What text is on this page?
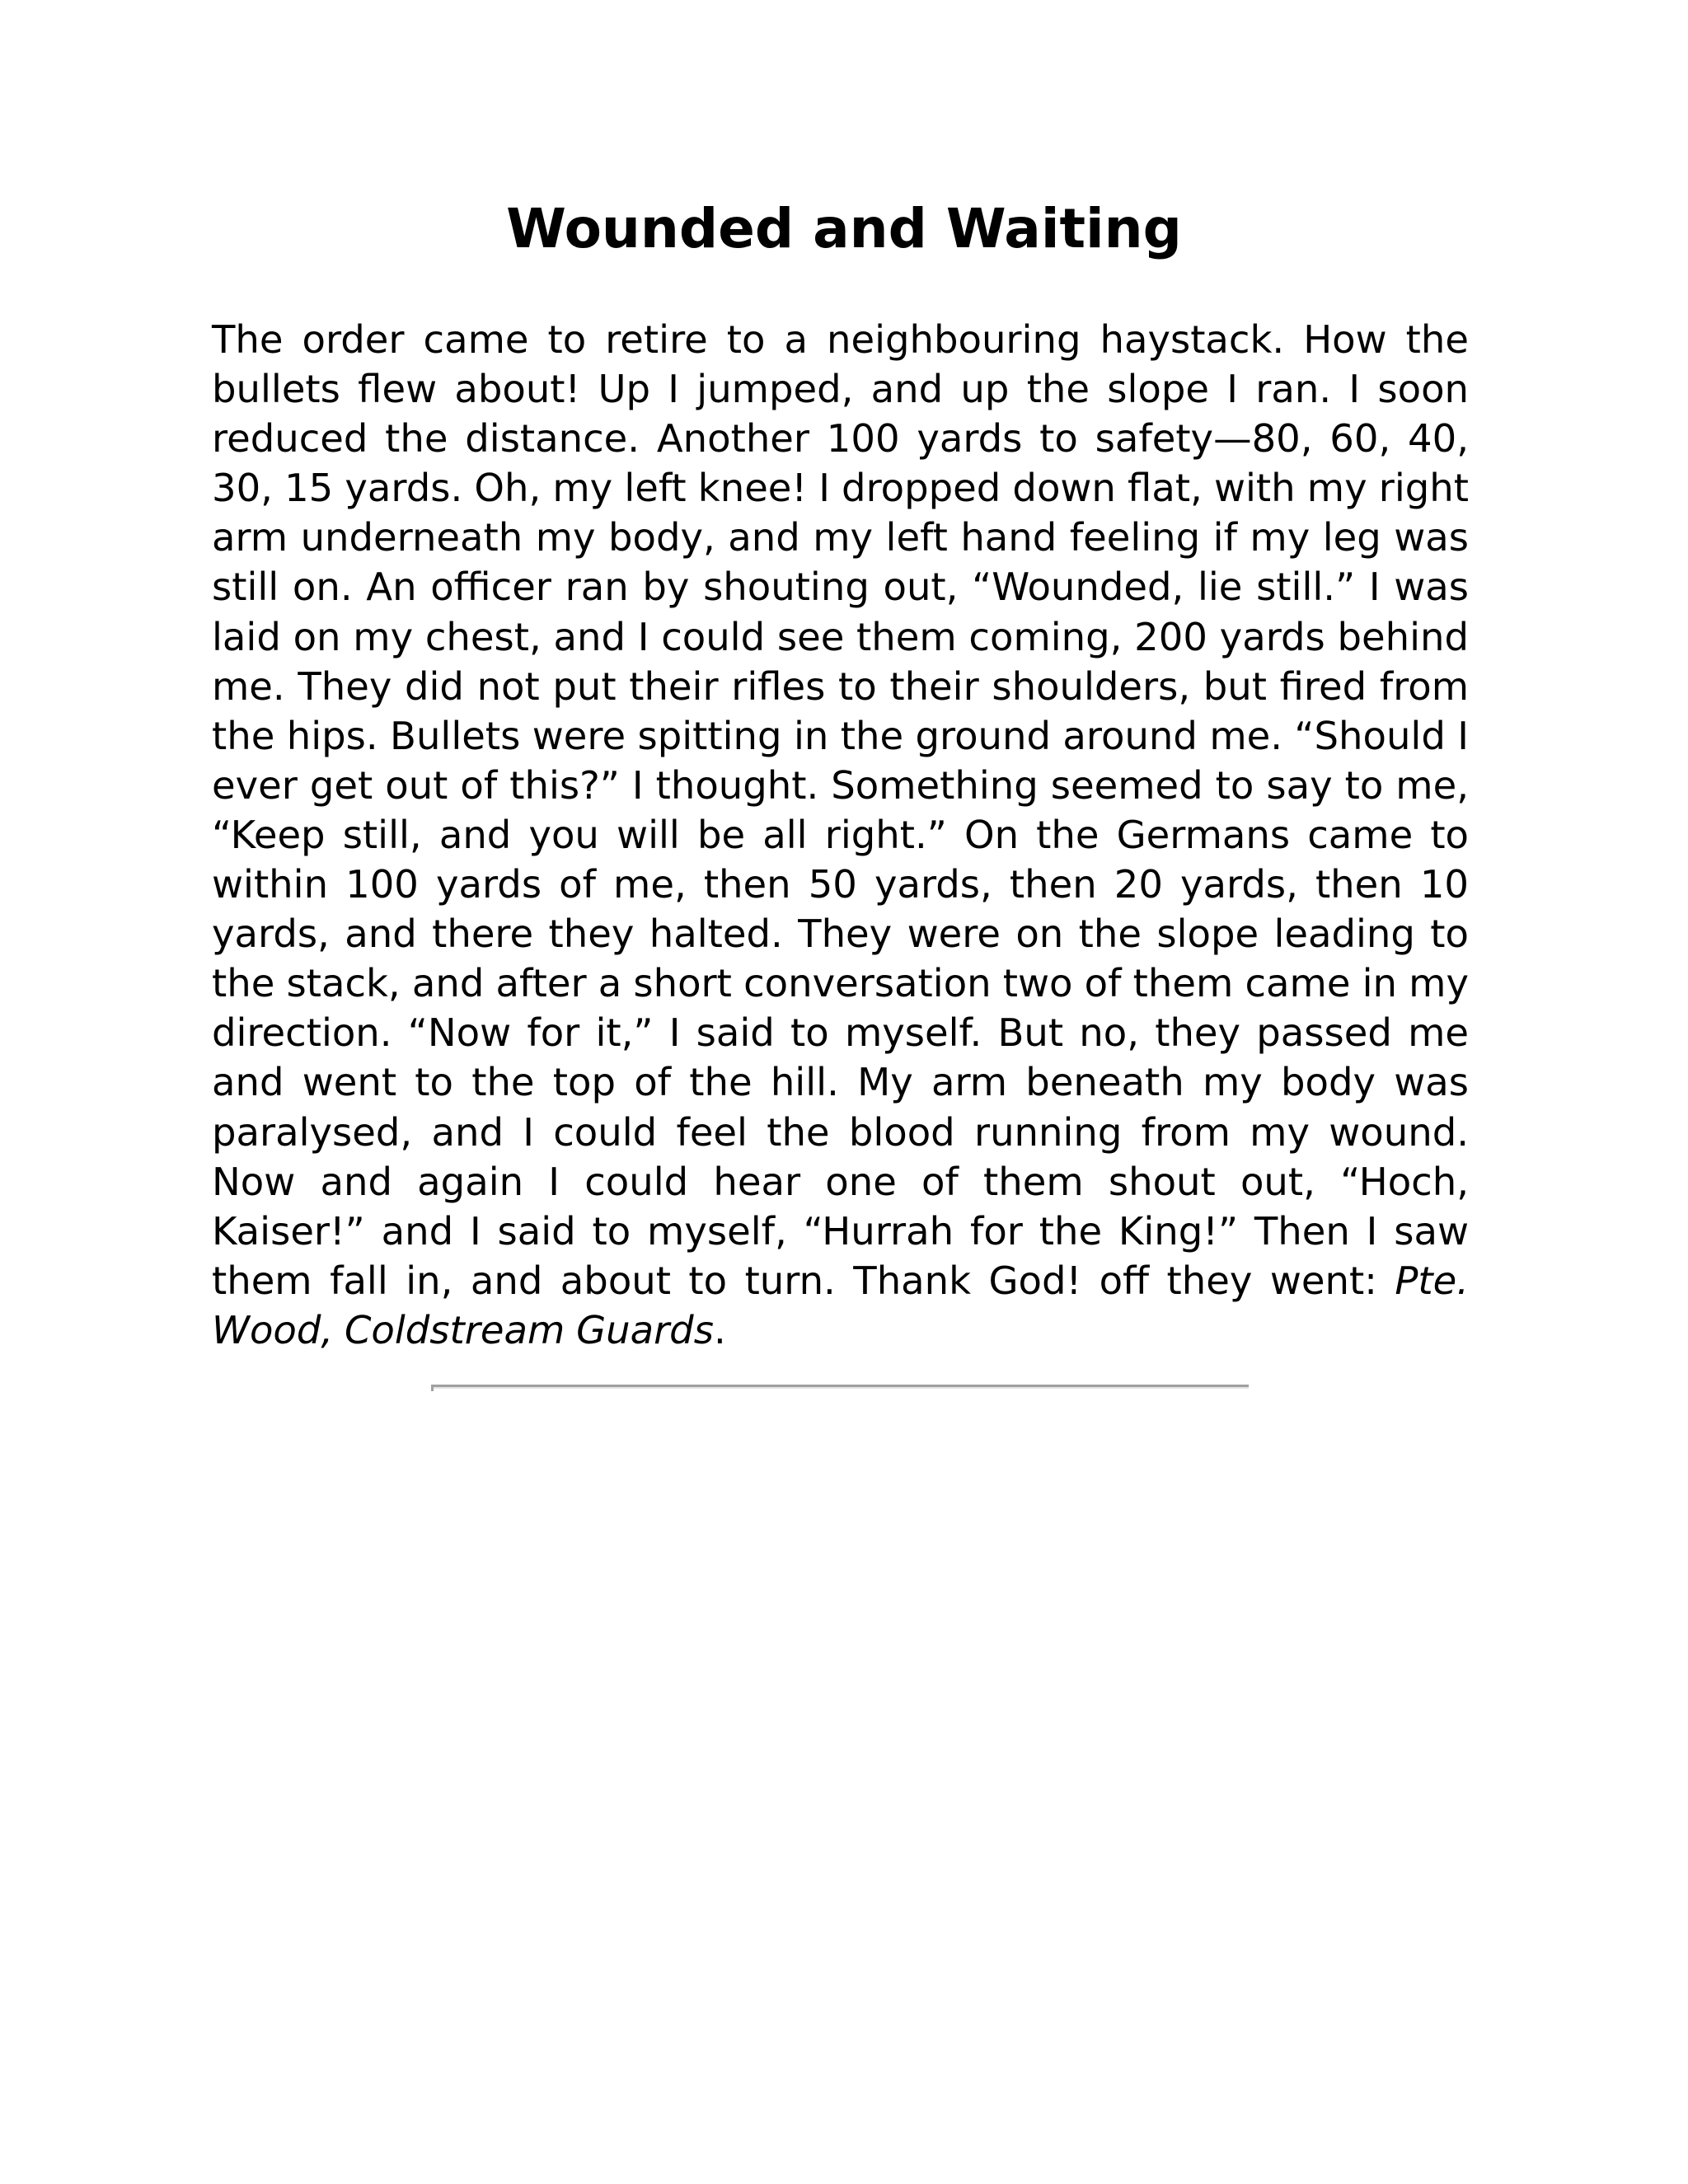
Wounded and Waiting

The order came to retire to a neighbouring haystack. How the bullets flew about! Up I jumped, and up the slope I ran. I soon reduced the distance. Another 100 yards to safety—80, 60, 40, 30, 15 yards. Oh, my left knee! I dropped down flat, with my right arm underneath my body, and my left hand feeling if my leg was still on. An officer ran by shouting out, “Wounded, lie still.” I was laid on my chest, and I could see them coming, 200 yards behind me. They did not put their rifles to their shoulders, but fired from the hips. Bullets were spitting in the ground around me. “Should I ever get out of this?” I thought. Something seemed to say to me, “Keep still, and you will be all right.” On the Germans came to within 100 yards of me, then 50 yards, then 20 yards, then 10 yards, and there they halted. They were on the slope leading to the stack, and after a short conversation two of them came in my direction. “Now for it,” I said to myself. But no, they passed me and went to the top of the hill. My arm beneath my body was paralysed, and I could feel the blood running from my wound. Now and again I could hear one of them shout out, “Hoch, Kaiser!” and I said to myself, “Hurrah for the King!” Then I saw them fall in, and about to turn. Thank God! off they went: Pte. Wood, Coldstream Guards.
